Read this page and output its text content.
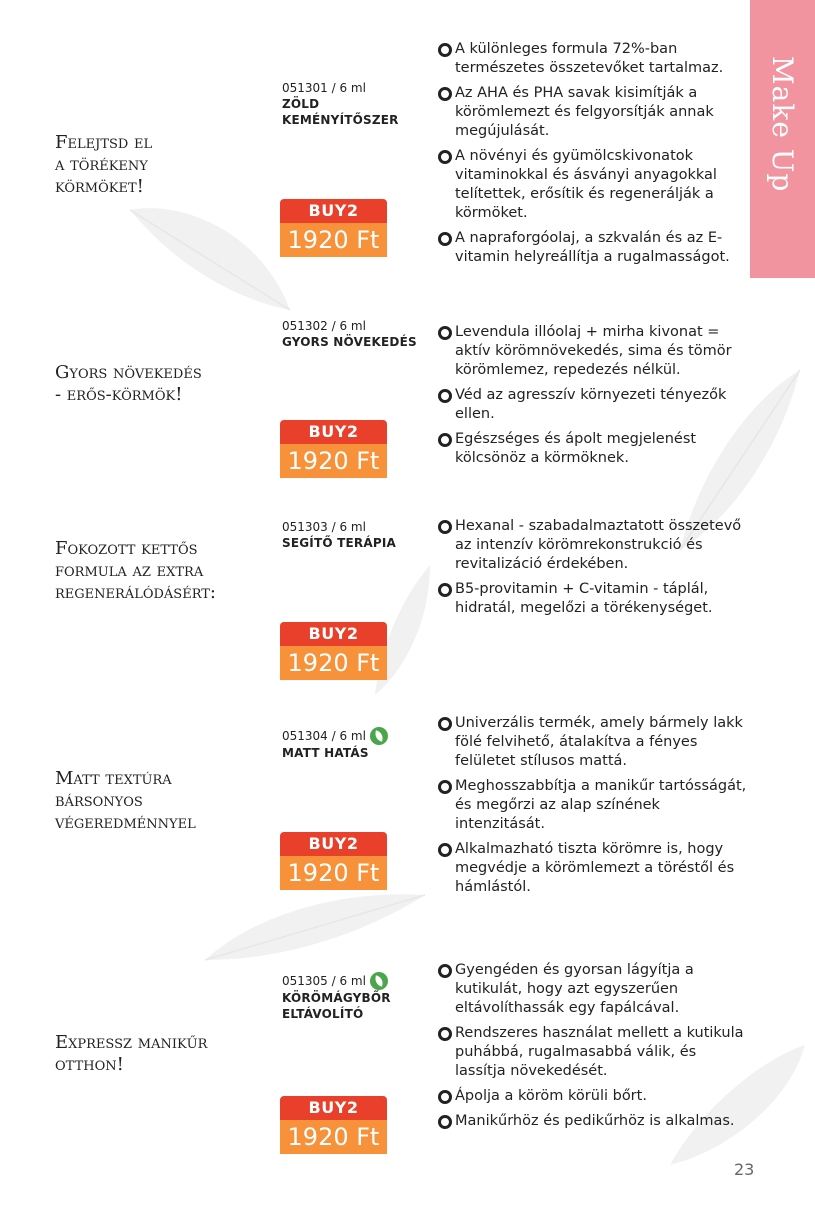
Make Up
Felejtsd el
a törékeny
körmöket!
051301 / 6 ml
ZÖLD
KEMÉNYÍTŐSZER
BUY2
1920 Ft
A különleges formula 72%-ban természetes összetevőket tartalmaz.
Az AHA és PHA savak kisimítják a körömlemezt és felgyorsítják annak megújulását.
A növényi és gyümölcskivonatok vitaminokkal és ásványi anyagokkal telítettek, erősítik és regenerálják a körmöket.
A napraforgóolaj, a szkvalán és az E-vitamin helyreállítja a rugalmasságot.
Gyors növekedés
- erős-körmök!
051302 / 6 ml
GYORS NÖVEKEDÉS
BUY2
1920 Ft
Levendula illóolaj + mirha kivonat = aktív körömnövekedés, sima és tömör körömlemez, repedezés nélkül.
Véd az agresszív környezeti tényezők ellen.
Egészséges és ápolt megjelenést kölcsönöz a körmöknek.
Fokozott kettős
formula az extra
regenerálódásért:
051303 / 6 ml
SEGÍTŐ TERÁPIA
BUY2
1920 Ft
Hexanal - szabadalmaztatott összetevő az intenzív körömrekonstrukció és revitalizáció érdekében.
B5-provitamin + C-vitamin - táplál, hidratál, megelőzi a törékenységet.
Matt textúra
bársonyos
végeredménnyel
051304 / 6 ml
MATT HATÁS
BUY2
1920 Ft
Univerzális termék, amely bármely lakk fölé felvihető, átalakítva a fényes felületet stílusos mattá.
Meghosszabbítja a manikűr tartósságát, és megőrzi az alap színének intenzitását.
Alkalmazható tiszta körömre is, hogy megvédje a körömlemezt a töréstől és hámlástól.
Expressz manikűr
otthon!
051305 / 6 ml
KÖRÖMÁGYBŐR
ELTÁVOLÍTÓ
BUY2
1920 Ft
Gyengéden és gyorsan lágyítja a kutikulát, hogy azt egyszerűen eltávolíthassák egy fapálcával.
Rendszeres használat mellett a kutikula puhábbá, rugalmasabbá válik, és lassítja növekedését.
Ápolja a köröm körüli bőrt.
Manikűrhöz és pedikűrhöz is alkalmas.
23
